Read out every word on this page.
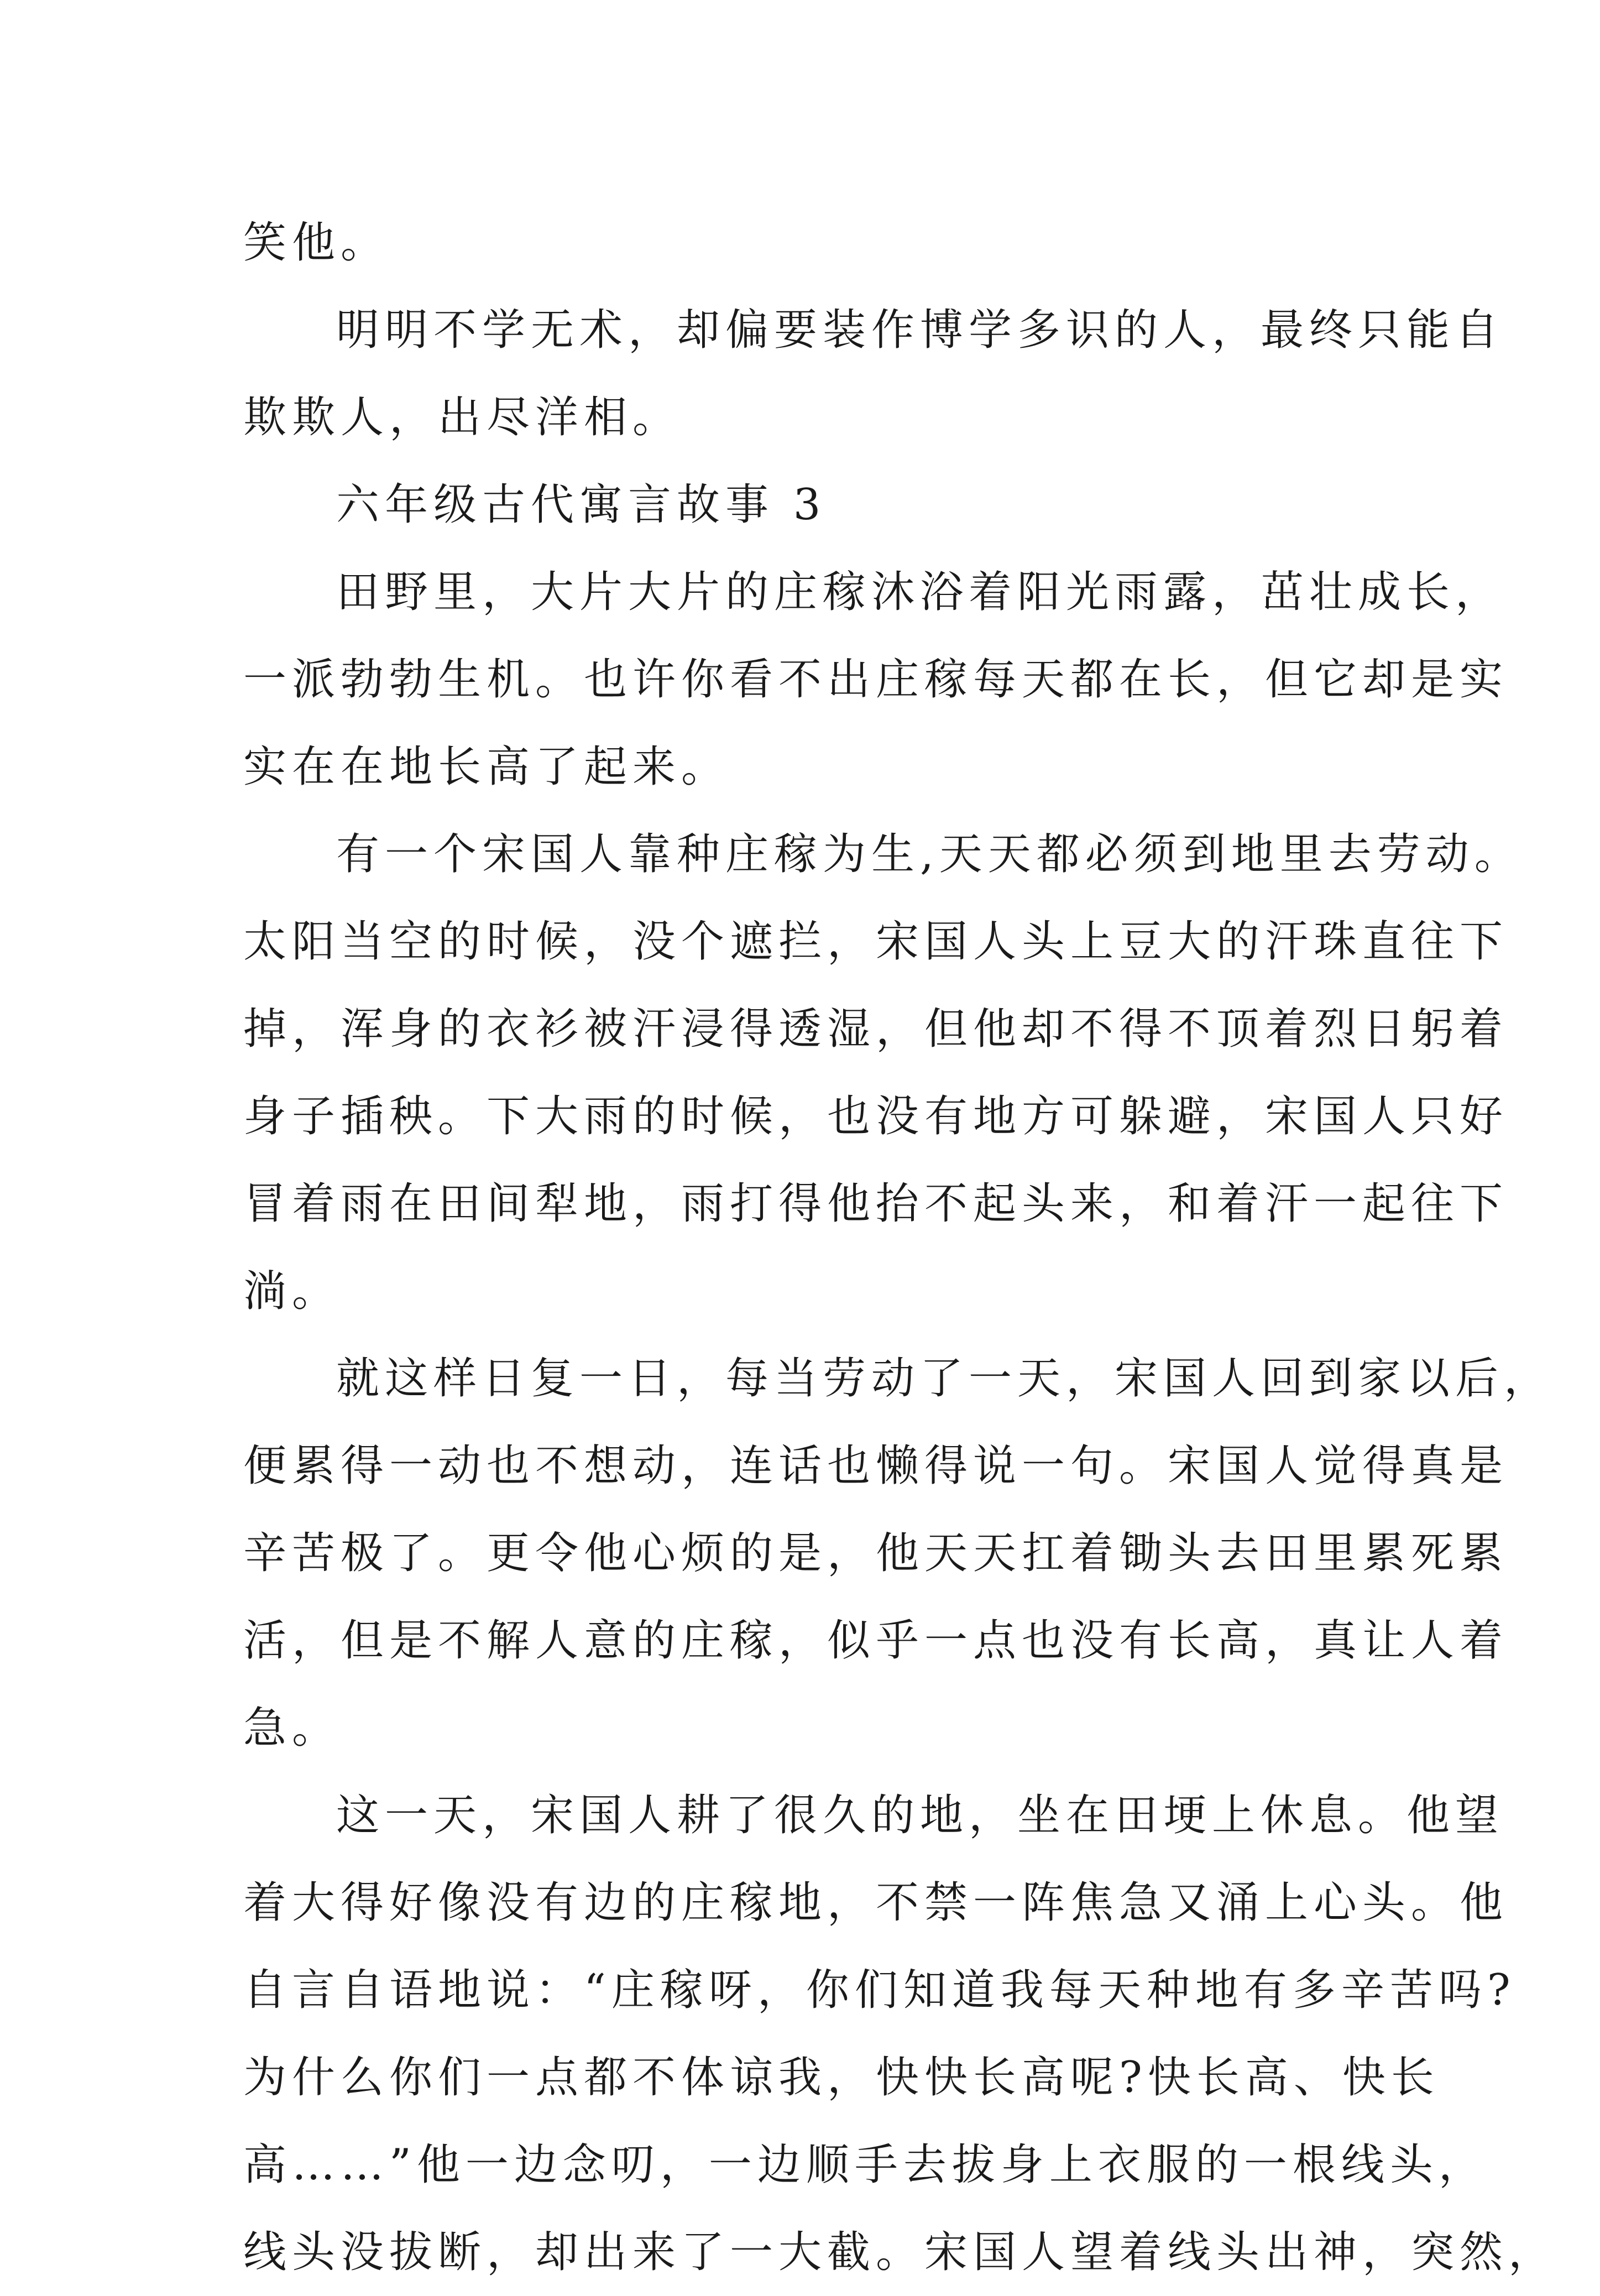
笑他。
明明不学无术，却偏要装作博学多识的人，最终只能自
欺欺人，出尽洋相。
六年级古代寓言故事 3
田野里，大片大片的庄稼沐浴着阳光雨露，茁壮成长，
一派勃勃生机。也许你看不出庄稼每天都在长，但它却是实
实在在地长高了起来。
有一个宋国人靠种庄稼为生,天天都必须到地里去劳动。
太阳当空的时候，没个遮拦，宋国人头上豆大的汗珠直往下
掉，浑身的衣衫被汗浸得透湿，但他却不得不顶着烈日躬着
身子插秧。下大雨的时候，也没有地方可躲避，宋国人只好
冒着雨在田间犁地，雨打得他抬不起头来，和着汗一起往下
淌。
就这样日复一日，每当劳动了一天，宋国人回到家以后，
便累得一动也不想动，连话也懒得说一句。宋国人觉得真是
辛苦极了。更令他心烦的是，他天天扛着锄头去田里累死累
活，但是不解人意的庄稼，似乎一点也没有长高，真让人着
急。
这一天，宋国人耕了很久的地，坐在田埂上休息。他望
着大得好像没有边的庄稼地，不禁一阵焦急又涌上心头。他
自言自语地说：“庄稼呀，你们知道我每天种地有多辛苦吗?
为什么你们一点都不体谅我，快快长高呢?快长高、快长
高……”他一边念叨，一边顺手去拔身上衣服的一根线头，
线头没拔断，却出来了一大截。宋国人望着线头出神，突然，
